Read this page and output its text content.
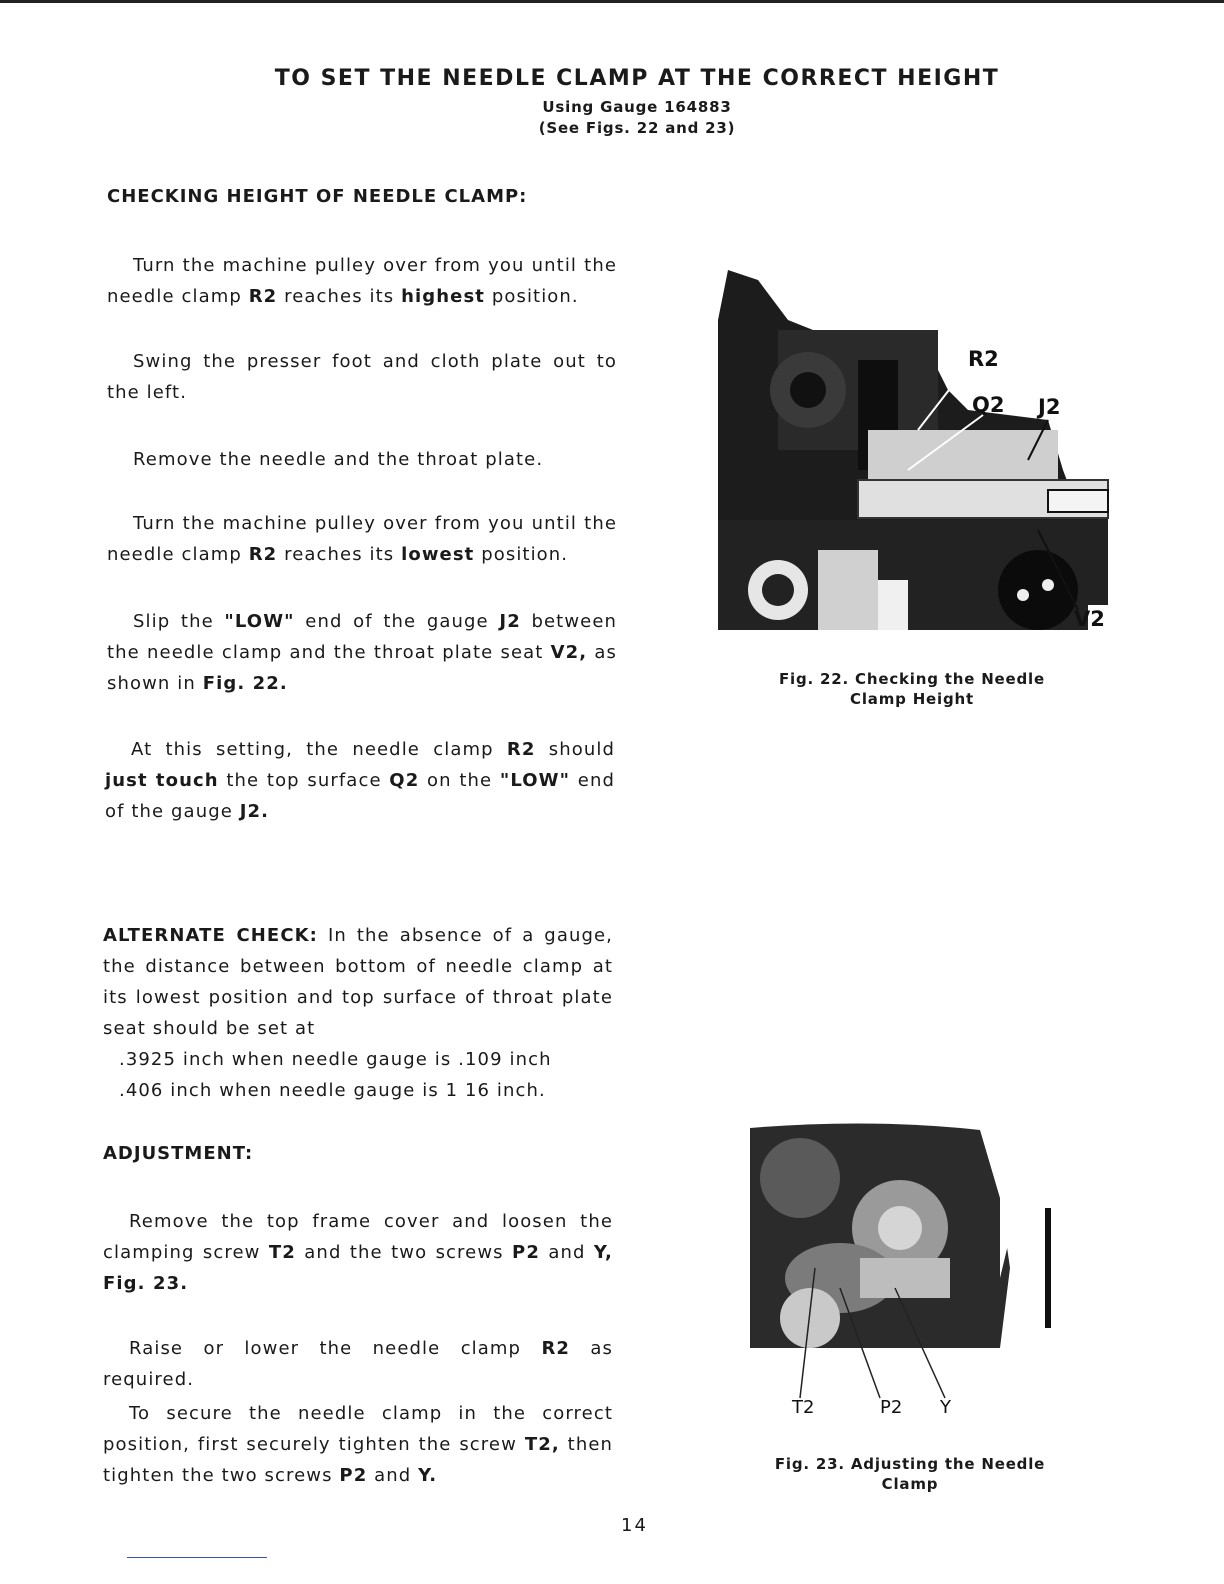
TO SET THE NEEDLE CLAMP AT THE CORRECT HEIGHT
Using Gauge 164883
(See Figs. 22 and 23)
CHECKING HEIGHT OF NEEDLE CLAMP:

Turn the machine pulley over from you until the needle clamp R2 reaches its highest position.

Swing the presser foot and cloth plate out to the left.

Remove the needle and the throat plate.

Turn the machine pulley over from you until the needle clamp R2 reaches its lowest position.

Slip the "LOW" end of the gauge J2 between the needle clamp and the throat plate seat V2, as shown in Fig. 22.

At this setting, the needle clamp R2 should just touch the top surface Q2 on the "LOW" end of the gauge J2.

ALTERNATE CHECK: In the absence of a gauge, the distance between bottom of needle clamp at its lowest position and top surface of throat plate seat should be set at

.3925 inch when needle gauge is .109 inch

.406 inch when needle gauge is 1 16 inch.

ADJUSTMENT:

Remove the top frame cover and loosen the clamping screw T2 and the two screws P2 and Y, Fig. 23.

Raise or lower the needle clamp R2 as required.

To secure the needle clamp in the correct position, first securely tighten the screw T2, then tighten the two screws P2 and Y.

R2
Q2 J2
V2
Fig. 22. Checking the Needle
Clamp Height
T2	P2 Y
Fig. 23. Adjusting the Needle
Clamp
14
